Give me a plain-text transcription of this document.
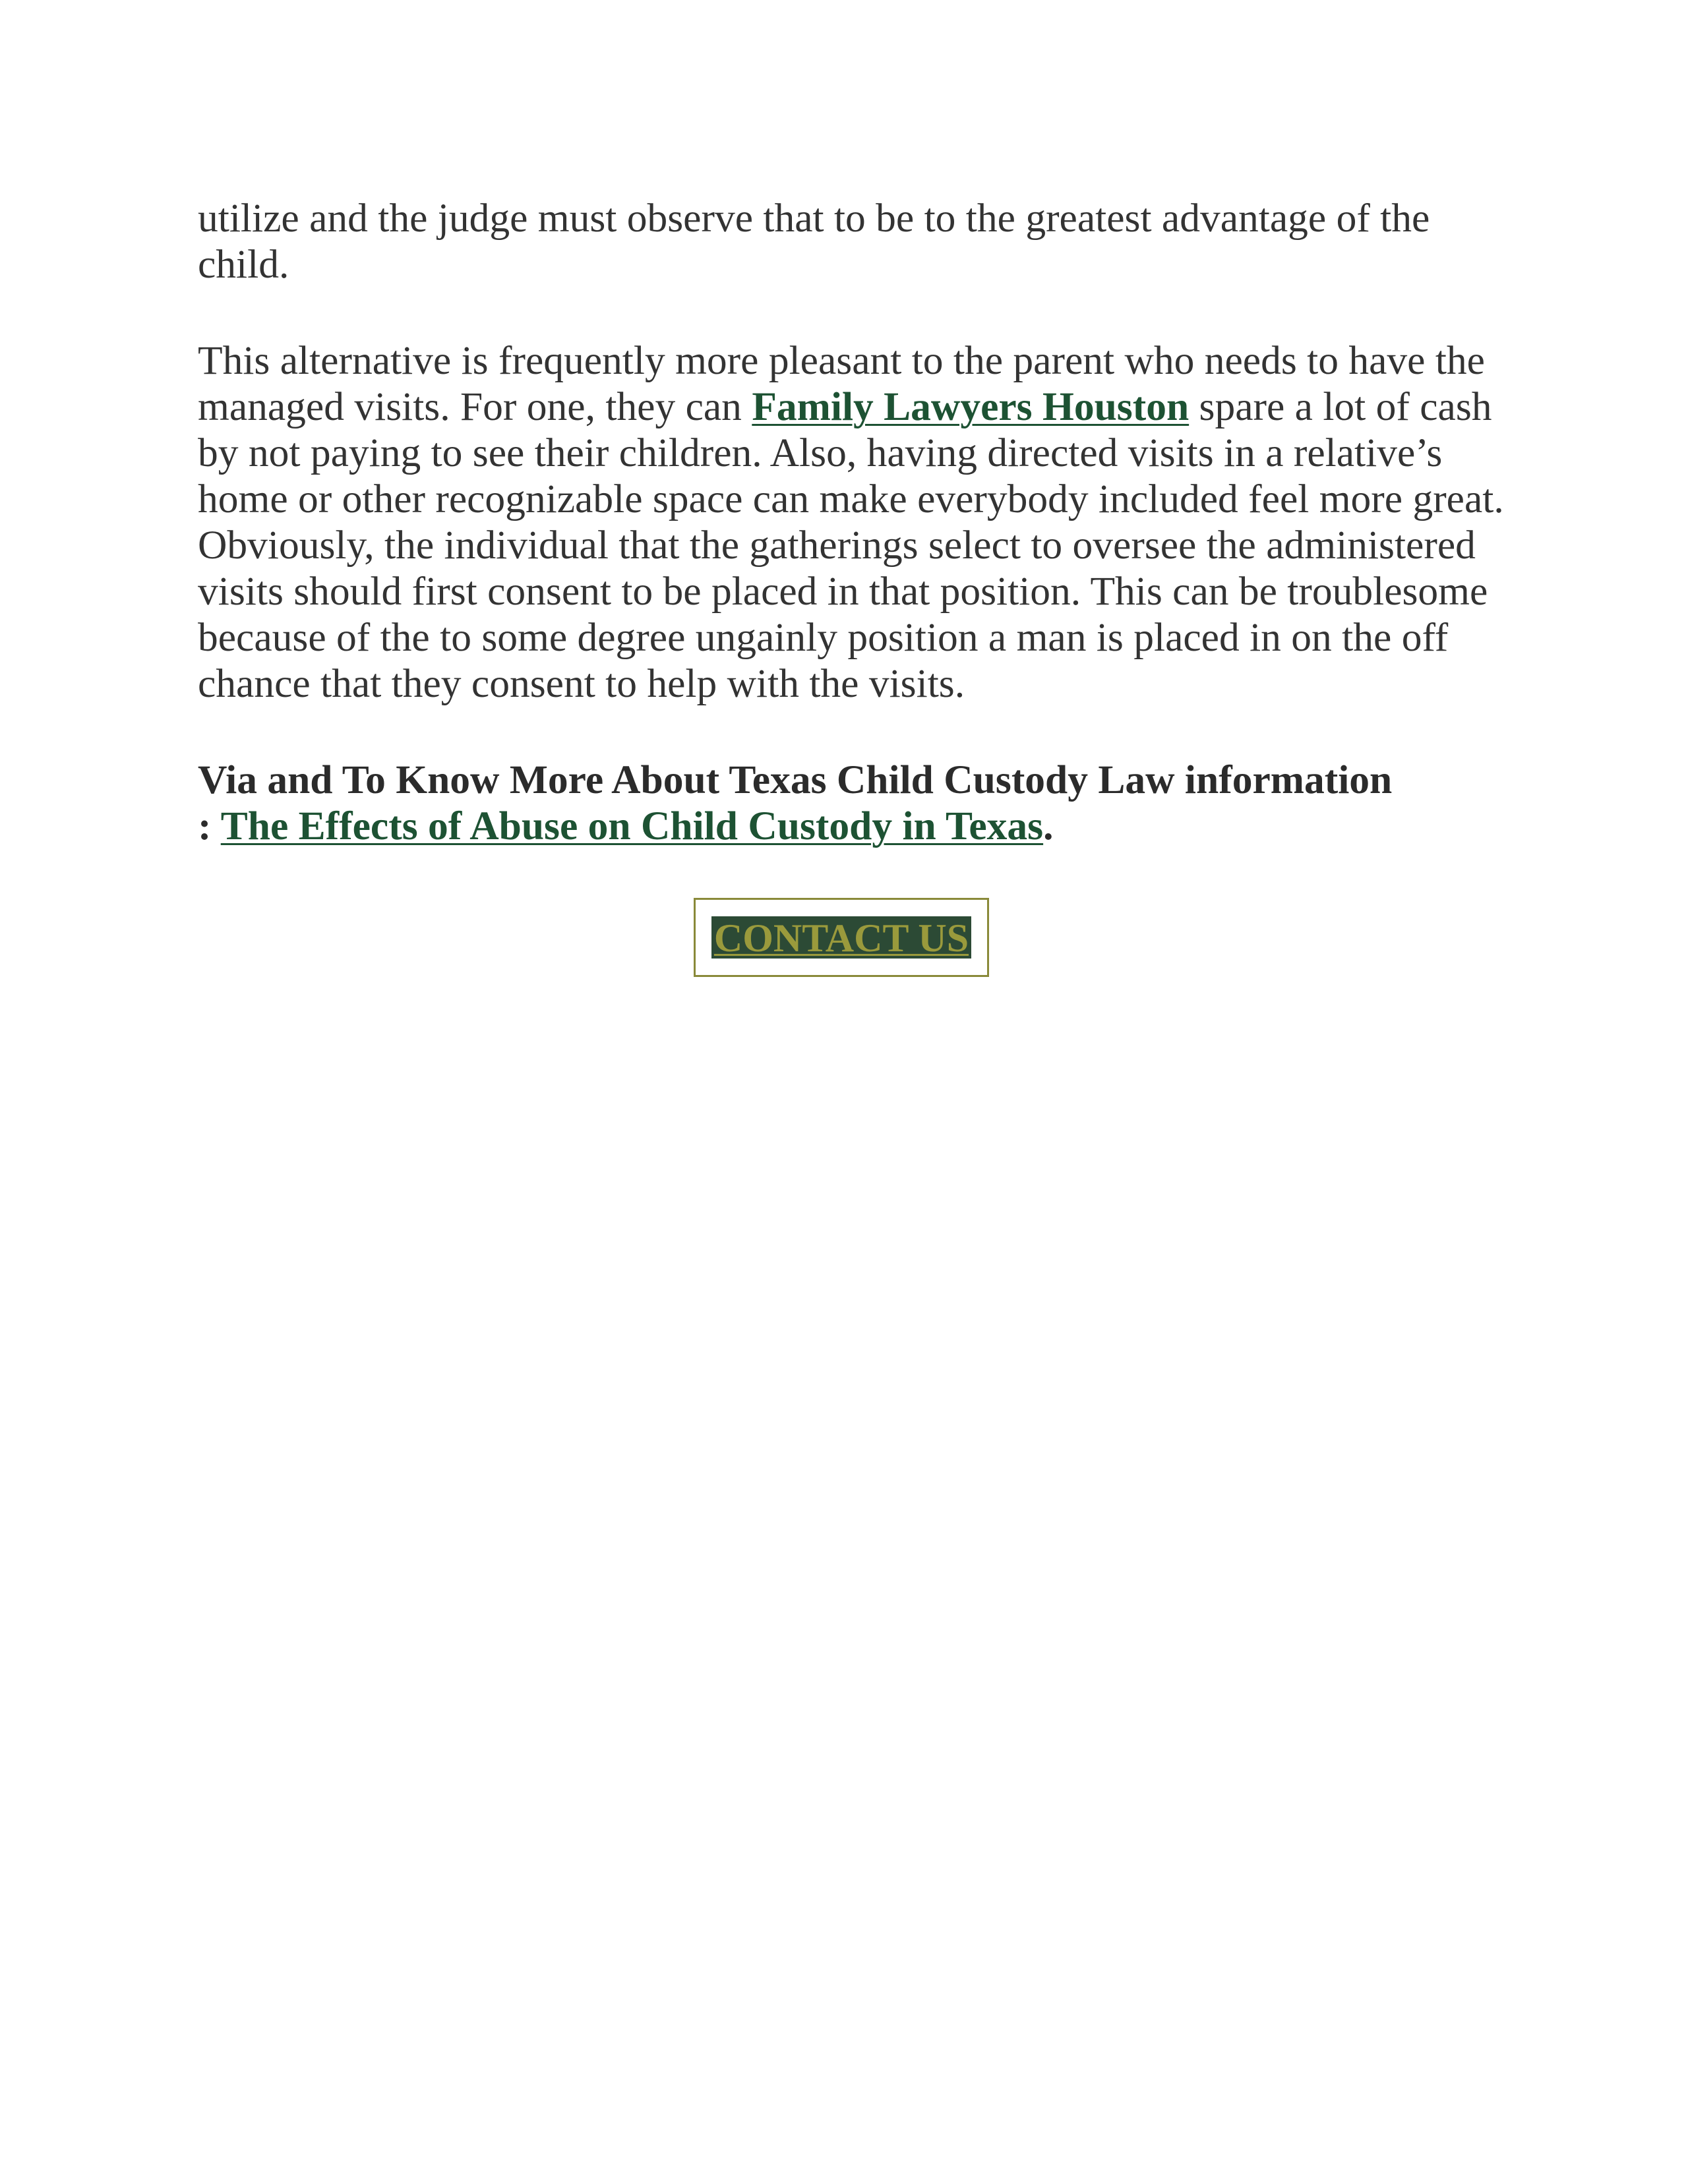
utilize and the judge must observe that to be to the greatest advantage of the
child.

This alternative is frequently more pleasant to the parent who needs to have the
managed visits. For one, they can Family Lawyers Houston spare a lot of cash
by not paying to see their children. Also, having directed visits in a relative’s
home or other recognizable space can make everybody included feel more great.
Obviously, the individual that the gatherings select to oversee the administered
visits should first consent to be placed in that position. This can be troublesome
because of the to some degree ungainly position a man is placed in on the off
chance that they consent to help with the visits.

Via and To Know More About Texas Child Custody Law information
: The Effects of Abuse on Child Custody in Texas.

CONTACT US
